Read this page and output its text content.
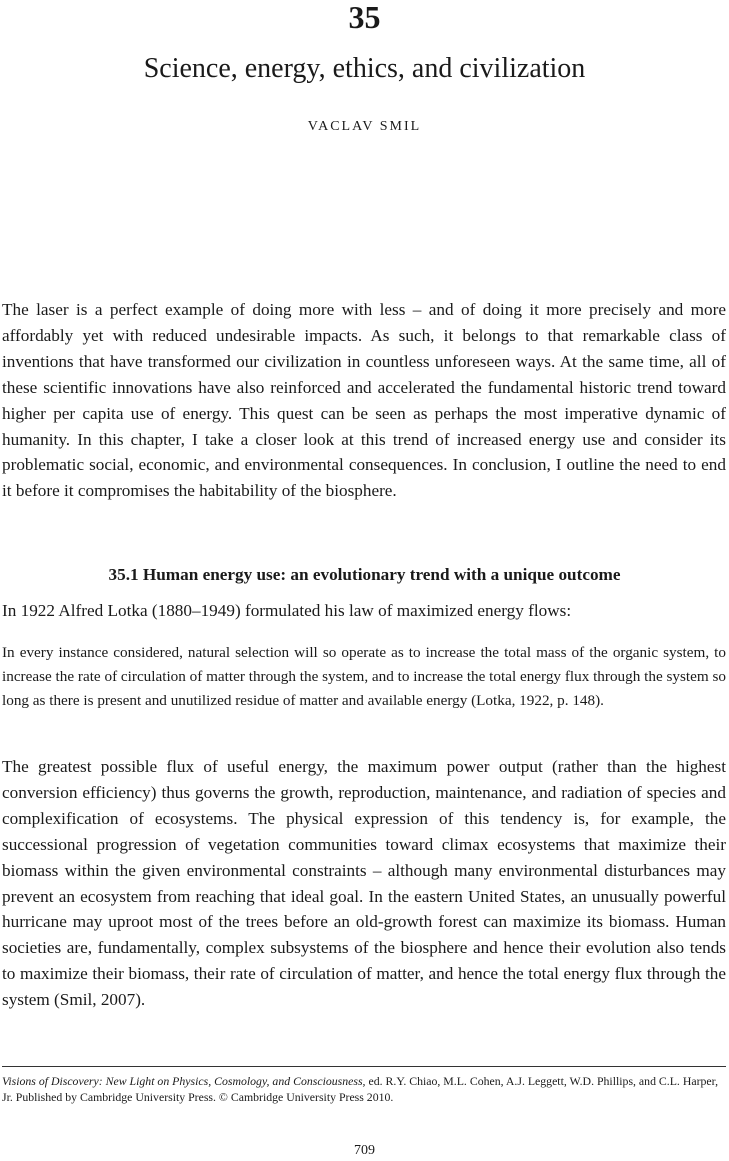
35
Science, energy, ethics, and civilization
VACLAV SMIL

The laser is a perfect example of doing more with less – and of doing it more precisely and more affordably yet with reduced undesirable impacts. As such, it belongs to that remarkable class of inventions that have transformed our civilization in countless unforeseen ways. At the same time, all of these scientific innovations have also reinforced and accelerated the fundamental historic trend toward higher per capita use of energy. This quest can be seen as perhaps the most imperative dynamic of humanity. In this chapter, I take a closer look at this trend of increased energy use and consider its problematic social, economic, and environmental consequences. In conclusion, I outline the need to end it before it compromises the habitability of the biosphere.

35.1 Human energy use: an evolutionary trend with a unique outcome

In 1922 Alfred Lotka (1880–1949) formulated his law of maximized energy flows:

In every instance considered, natural selection will so operate as to increase the total mass of the organic system, to increase the rate of circulation of matter through the system, and to increase the total energy flux through the system so long as there is present and unutilized residue of matter and available energy (Lotka, 1922, p. 148).

The greatest possible flux of useful energy, the maximum power output (rather than the highest conversion efficiency) thus governs the growth, reproduction, maintenance, and radiation of species and complexification of ecosystems. The physical expression of this tendency is, for example, the successional progression of vegetation communities toward climax ecosystems that maximize their biomass within the given environmental constraints – although many environmental disturbances may prevent an ecosystem from reaching that ideal goal. In the eastern United States, an unusually powerful hurricane may uproot most of the trees before an old-growth forest can maximize its biomass. Human societies are, fundamentally, complex subsystems of the biosphere and hence their evolution also tends to maximize their biomass, their rate of circulation of matter, and hence the total energy flux through the system (Smil, 2007).

Visions of Discovery: New Light on Physics, Cosmology, and Consciousness, ed. R.Y. Chiao, M.L. Cohen, A.J. Leggett, W.D. Phillips, and C.L. Harper, Jr. Published by Cambridge University Press. © Cambridge University Press 2010.

709
